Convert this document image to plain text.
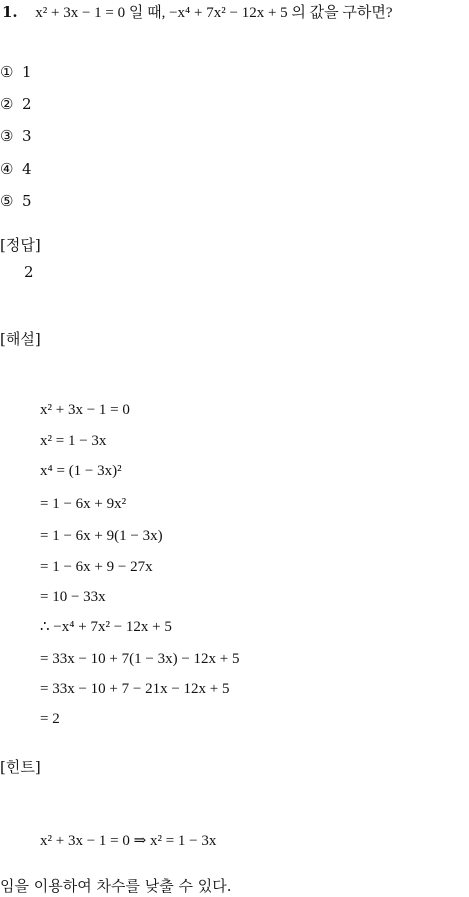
1. x² + 3x − 1 = 0 일 때, −x⁴ + 7x² − 12x + 5 의 값을 구하면?
① 1
② 2
③ 3
④ 4
⑤ 5
[정답]
2
[해설]
x² + 3x − 1 = 0
x² = 1 − 3x
x⁴ = (1 − 3x)²
= 1 − 6x + 9x²
= 1 − 6x + 9(1 − 3x)
= 1 − 6x + 9 − 27x
= 10 − 33x
∴ −x⁴ + 7x² − 12x + 5
= 33x − 10 + 7(1 − 3x) − 12x + 5
= 33x − 10 + 7 − 21x − 12x + 5
= 2
[힌트]
x² + 3x − 1 = 0 ⇒ x² = 1 − 3x
임을 이용하여 차수를 낮출 수 있다.
